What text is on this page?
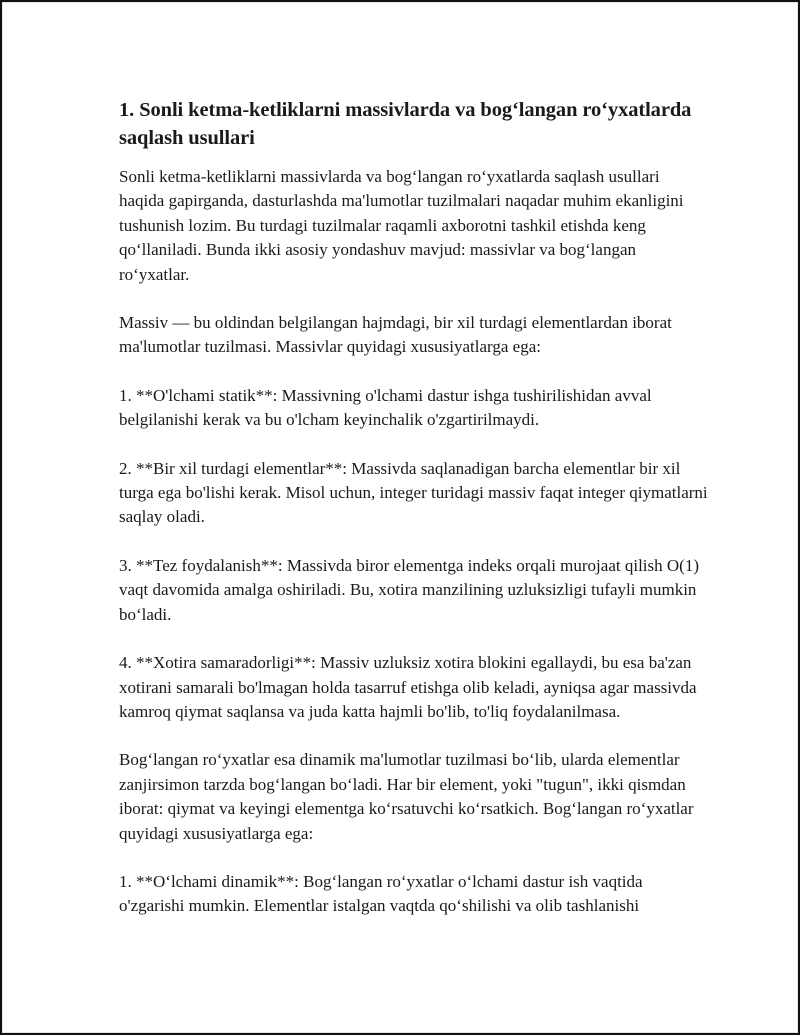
1. Sonli ketma-ketliklarni massivlarda va bog‘langan ro‘yxatlarda saqlash usullari

Sonli ketma-ketliklarni massivlarda va bog‘langan ro‘yxatlarda saqlash usullari haqida gapirganda, dasturlashda ma'lumotlar tuzilmalari naqadar muhim ekanligini tushunish lozim. Bu turdagi tuzilmalar raqamli axborotni tashkil etishda keng qo‘llaniladi. Bunda ikki asosiy yondashuv mavjud: massivlar va bog‘langan ro‘yxatlar.

Massiv — bu oldindan belgilangan hajmdagi, bir xil turdagi elementlardan iborat ma'lumotlar tuzilmasi. Massivlar quyidagi xususiyatlarga ega:

1. **O'lchami statik**: Massivning o'lchami dastur ishga tushirilishidan avval belgilanishi kerak va bu o'lcham keyinchalik o'zgartirilmaydi.

2. **Bir xil turdagi elementlar**: Massivda saqlanadigan barcha elementlar bir xil turga ega bo'lishi kerak. Misol uchun, integer turidagi massiv faqat integer qiymatlarni saqlay oladi.

3. **Tez foydalanish**: Massivda biror elementga indeks orqali murojaat qilish O(1) vaqt davomida amalga oshiriladi. Bu, xotira manzilining uzluksizligi tufayli mumkin bo‘ladi.

4. **Xotira samaradorligi**: Massiv uzluksiz xotira blokini egallaydi, bu esa ba'zan xotirani samarali bo'lmagan holda tasarruf etishga olib keladi, ayniqsa agar massivda kamroq qiymat saqlansa va juda katta hajmli bo'lib, to'liq foydalanilmasa.

Bog‘langan ro‘yxatlar esa dinamik ma'lumotlar tuzilmasi bo‘lib, ularda elementlar zanjirsimon tarzda bog‘langan bo‘ladi. Har bir element, yoki "tugun", ikki qismdan iborat: qiymat va keyingi elementga ko‘rsatuvchi ko‘rsatkich. Bog‘langan ro‘yxatlar quyidagi xususiyatlarga ega:

1. **O‘lchami dinamik**: Bog‘langan ro‘yxatlar o‘lchami dastur ish vaqtida o'zgarishi mumkin. Elementlar istalgan vaqtda qo‘shilishi va olib tashlanishi
